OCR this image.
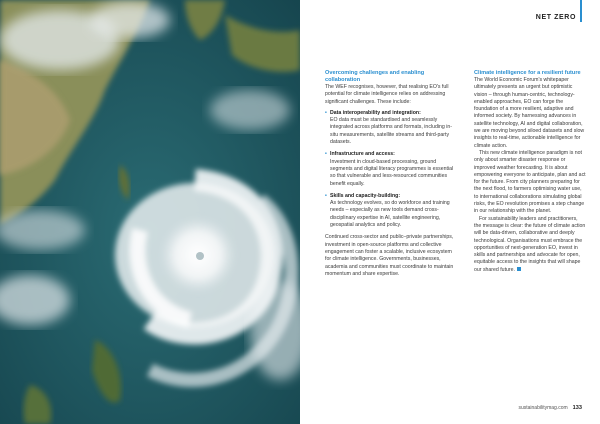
NET ZERO
Overcoming challenges and enabling collaboration

The WEF recognises, however, that realising EO's full potential for climate intelligence relies on addressing significant challenges. These include:

• Data interoperability and integration:
EO data must be standardised and seamlessly integrated across platforms and formats, including in-situ measurements, satellite streams and third-party datasets.
• Infrastructure and access:
Investment in cloud-based processing, ground segments and digital literacy programmes is essential so that vulnerable and less-resourced communities benefit equally.
• Skills and capacity-building:
As technology evolves, so do workforce and training needs – especially as new tools demand cross-disciplinary expertise in AI, satellite engineering, geospatial analytics and policy.

Continued cross-sector and public–private partnerships, investment in open-source platforms and collective engagement can foster a scalable, inclusive ecosystem for climate intelligence. Governments, businesses, academia and communities must coordinate to maintain momentum and share expertise.

Climate intelligence for a resilient future

The World Economic Forum's whitepaper ultimately presents an urgent but optimistic vision – through human-centric, technology-enabled approaches, EO can forge the foundation of a more resilient, adaptive and informed society. By harnessing advances in satellite technology, AI and digital collaboration, we are moving beyond siloed datasets and slow insights to real-time, actionable intelligence for climate action.

This new climate intelligence paradigm is not only about smarter disaster response or improved weather forecasting. It is about empowering everyone to anticipate, plan and act for the future. From city planners preparing for the next flood, to farmers optimising water use, to international collaborations simulating global risks, the EO revolution promises a step change in our relationship with the planet.

For sustainability leaders and practitioners, the message is clear: the future of climate action will be data-driven, collaborative and deeply technological. Organisations must embrace the opportunities of next-generation EO, invest in skills and partnerships and advocate for open, equitable access to the insights that will shape our shared future.

sustainabilitymag.com 133
